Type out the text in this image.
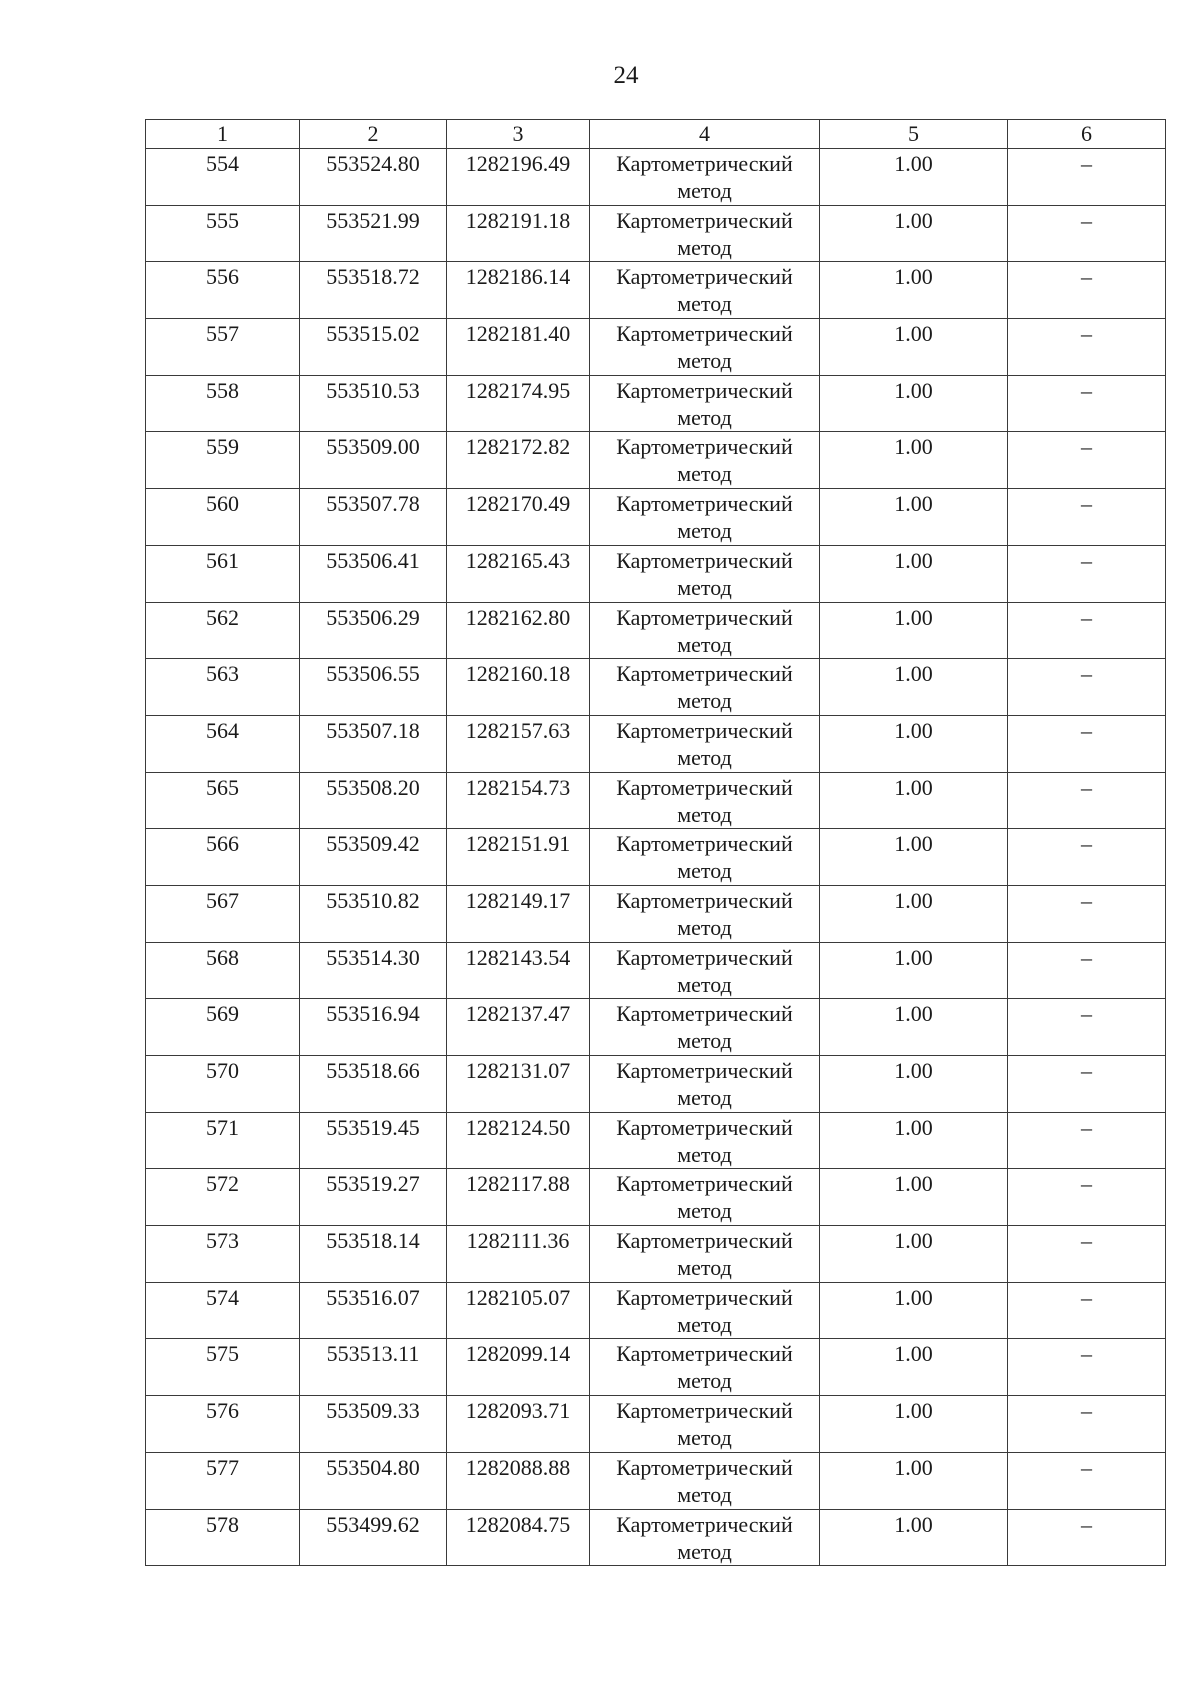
24
1	2	3	4	5	6
554	553524.80	1282196.49	Картометрический метод	1.00	–
555	553521.99	1282191.18	Картометрический метод	1.00	–
556	553518.72	1282186.14	Картометрический метод	1.00	–
557	553515.02	1282181.40	Картометрический метод	1.00	–
558	553510.53	1282174.95	Картометрический метод	1.00	–
559	553509.00	1282172.82	Картометрический метод	1.00	–
560	553507.78	1282170.49	Картометрический метод	1.00	–
561	553506.41	1282165.43	Картометрический метод	1.00	–
562	553506.29	1282162.80	Картометрический метод	1.00	–
563	553506.55	1282160.18	Картометрический метод	1.00	–
564	553507.18	1282157.63	Картометрический метод	1.00	–
565	553508.20	1282154.73	Картометрический метод	1.00	–
566	553509.42	1282151.91	Картометрический метод	1.00	–
567	553510.82	1282149.17	Картометрический метод	1.00	–
568	553514.30	1282143.54	Картометрический метод	1.00	–
569	553516.94	1282137.47	Картометрический метод	1.00	–
570	553518.66	1282131.07	Картометрический метод	1.00	–
571	553519.45	1282124.50	Картометрический метод	1.00	–
572	553519.27	1282117.88	Картометрический метод	1.00	–
573	553518.14	1282111.36	Картометрический метод	1.00	–
574	553516.07	1282105.07	Картометрический метод	1.00	–
575	553513.11	1282099.14	Картометрический метод	1.00	–
576	553509.33	1282093.71	Картометрический метод	1.00	–
577	553504.80	1282088.88	Картометрический метод	1.00	–
578	553499.62	1282084.75	Картометрический метод	1.00	–
